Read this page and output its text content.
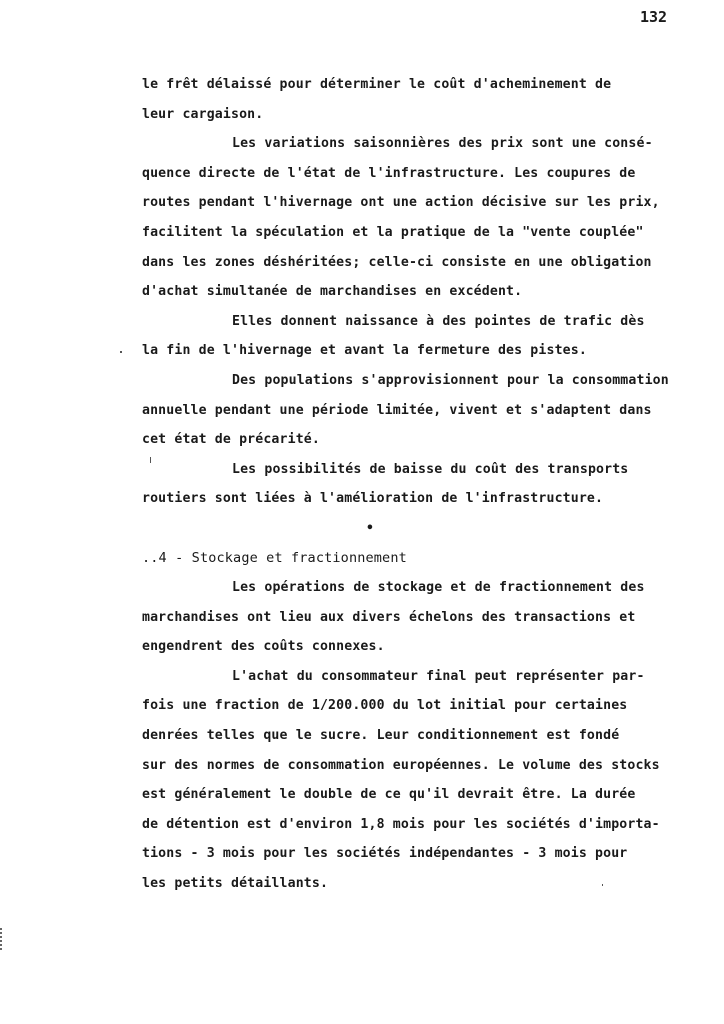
132
le frêt délaissé pour déterminer le coût d'acheminement de
leur cargaison.
Les variations saisonnières des prix sont une consé-
quence directe de l'état de l'infrastructure. Les coupures de
routes pendant l'hivernage ont une action décisive sur les prix,
facilitent la spéculation et la pratique de la "vente couplée"
dans les zones déshéritées; celle-ci consiste en une obligation
d'achat simultanée de marchandises en excédent.
Elles donnent naissance à des pointes de trafic dès
la fin de l'hivernage et avant la fermeture des pistes.
Des populations s'approvisionnent pour la consommation
annuelle pendant une période limitée, vivent et s'adaptent dans
cet état de précarité.
Les possibilités de baisse du coût des transports
routiers sont liées à l'amélioration de l'infrastructure.
•
..4 - Stockage et fractionnement
Les opérations de stockage et de fractionnement des
marchandises ont lieu aux divers échelons des transactions et
engendrent des coûts connexes.
L'achat du consommateur final peut représenter par-
fois une fraction de 1/200.000 du lot initial pour certaines
denrées telles que le sucre. Leur conditionnement est fondé
sur des normes de consommation européennes. Le volume des stocks
est généralement le double de ce qu'il devrait être. La durée
de détention est d'environ 1,8 mois pour les sociétés d'importa-
tions - 3 mois pour les sociétés indépendantes - 3 mois pour
les petits détaillants.
